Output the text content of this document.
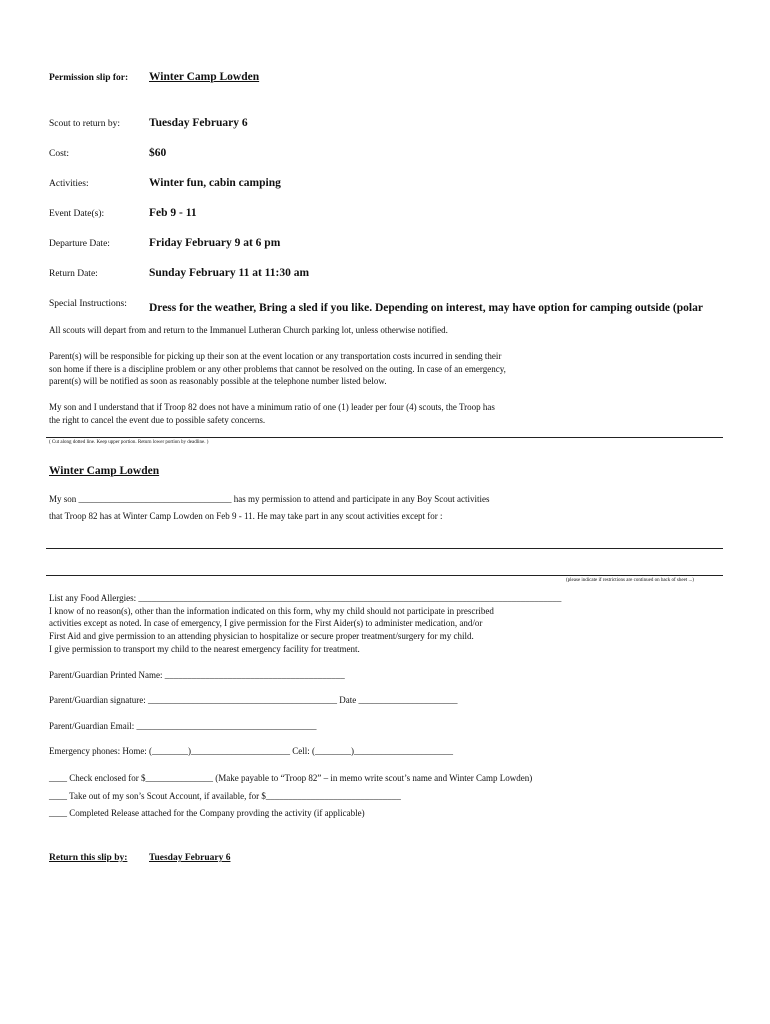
Permission slip for: Winter Camp Lowden
Scout to return by:	Tuesday February 6
Cost:	$60
Activities:	Winter fun, cabin camping
Event Date(s):	Feb 9 - 11
Departure Date:	Friday February 9 at 6 pm
Return Date:	Sunday February 11 at 11:30 am
Special Instructions: Dress for the weather, Bring a sled if you like. Depending on interest, may have option for camping outside (polar
All scouts will depart from and return to the Immanuel Lutheran Church parking lot, unless otherwise notified.
Parent(s) will be responsible for picking up their son at the event location or any transportation costs incurred in sending their
son home if there is a discipline problem or any other problems that cannot be resolved on the outing. In case of an emergency,
parent(s) will be notified as soon as reasonably possible at the telephone number listed below.
My son and I understand that if Troop 82 does not have a minimum ratio of one (1) leader per four (4) scouts, the Troop has
the right to cancel the event due to possible safety concerns.
( Cut along dotted line. Keep upper portion. Return lower portion by deadline. )
Winter Camp Lowden
My son __________________________________ has my permission to attend and participate in any Boy Scout activities
that Troop 82 has at Winter Camp Lowden on Feb 9 - 11. He may take part in any scout activities except for :
(please indicate if restrictions are continued on back of sheet ...)
List any Food Allergies: ______________________________________________________________________________________________
I know of no reason(s), other than the information indicated on this form, why my child should not participate in prescribed
activities except as noted. In case of emergency, I give permission for the First Aider(s) to administer medication, and/or
First Aid and give permission to an attending physician to hospitalize or secure proper treatment/surgery for my child.
I give permission to transport my child to the nearest emergency facility for treatment.
Parent/Guardian Printed Name: ________________________________________
Parent/Guardian signature: __________________________________________ Date ______________________
Parent/Guardian Email: ________________________________________
Emergency phones: Home: (________)______________________ Cell: (________)______________________
____ Check enclosed for $_______________ (Make payable to “Troop 82” – in memo write scout’s name and Winter Camp Lowden)
____ Take out of my son’s Scout Account, if available, for $______________________________
____ Completed Release attached for the Company provding the activity (if applicable)
Return this slip by: Tuesday February 6
